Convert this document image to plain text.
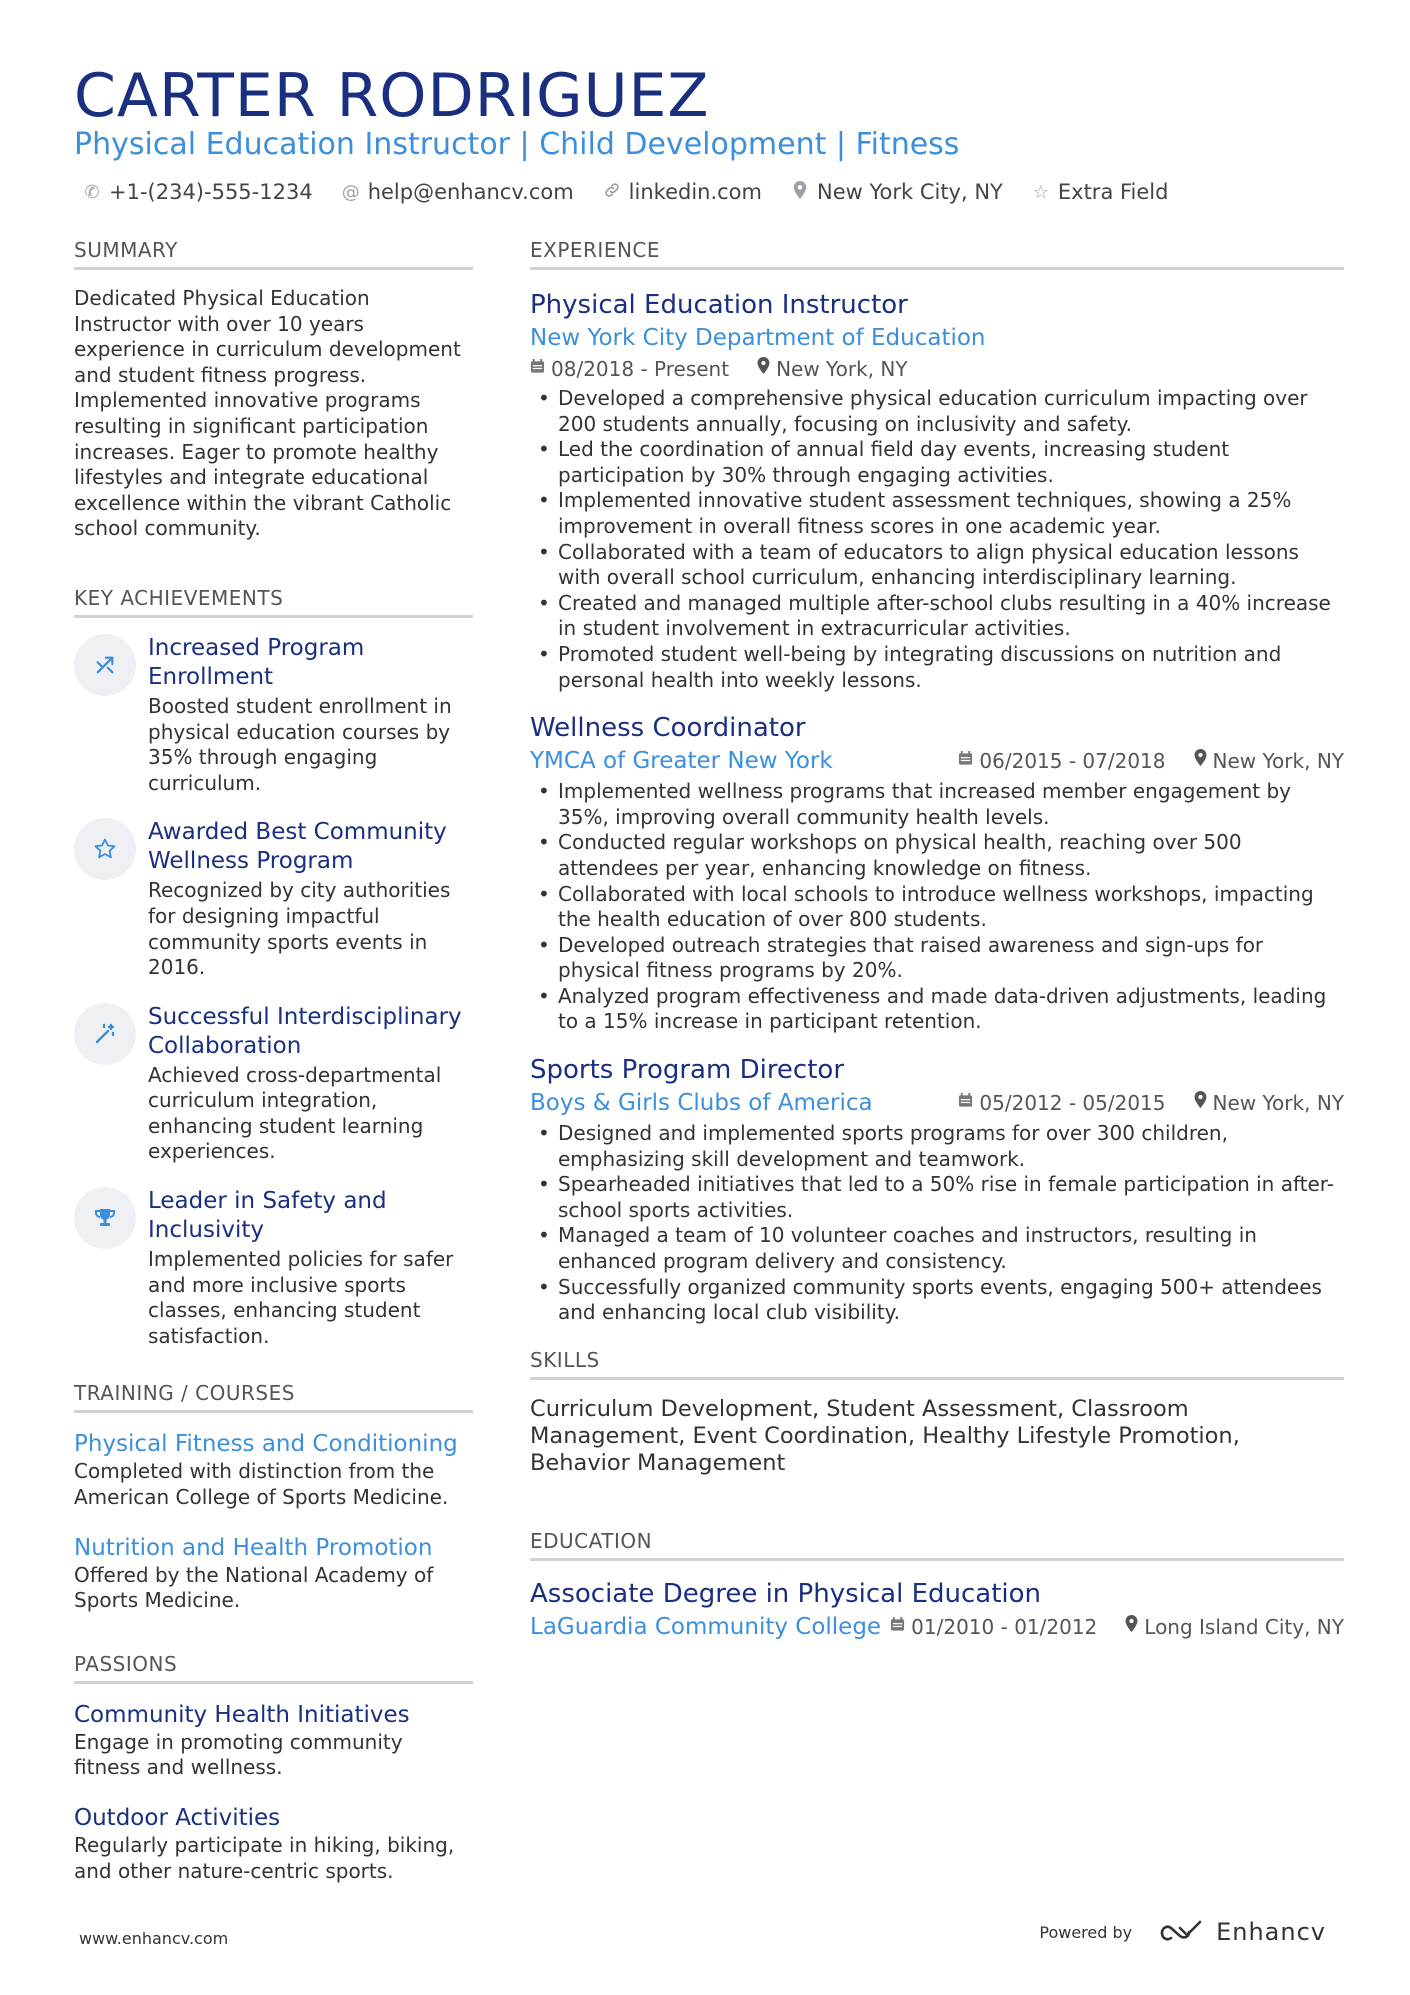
CARTER RODRIGUEZ
Physical Education Instructor | Child Development | Fitness
✆ +1-(234)-555-1234 @ help@enhancv.com	linkedin.com	New York City, NY ☆ Extra Field
SUMMARY
Dedicated Physical Education Instructor with over 10 years experience in curriculum development and student fitness progress. Implemented innovative programs resulting in significant participation increases. Eager to promote healthy lifestyles and integrate educational excellence within the vibrant Catholic school community.
KEY ACHIEVEMENTS
Increased Program Enrollment
Boosted student enrollment in physical education courses by 35% through engaging curriculum.
Awarded Best Community Wellness Program
Recognized by city authorities for designing impactful community sports events in 2016.
Successful Interdisciplinary Collaboration
Achieved cross-departmental curriculum integration, enhancing student learning experiences.
Leader in Safety and Inclusivity
Implemented policies for safer and more inclusive sports classes, enhancing student satisfaction.
TRAINING / COURSES
Physical Fitness and Conditioning
Completed with distinction from the American College of Sports Medicine.
Nutrition and Health Promotion
Offered by the National Academy of Sports Medicine.
PASSIONS
Community Health Initiatives
Engage in promoting community fitness and wellness.
Outdoor Activities
Regularly participate in hiking, biking, and other nature-centric sports.
EXPERIENCE
Physical Education Instructor
New York City Department of Education
08/2018 - Present New York, NY
• Developed a comprehensive physical education curriculum impacting over 200 students annually, focusing on inclusivity and safety.
• Led the coordination of annual field day events, increasing student participation by 30% through engaging activities.
• Implemented innovative student assessment techniques, showing a 25% improvement in overall fitness scores in one academic year.
• Collaborated with a team of educators to align physical education lessons with overall school curriculum, enhancing interdisciplinary learning.
• Created and managed multiple after-school clubs resulting in a 40% increase in student involvement in extracurricular activities.
• Promoted student well-being by integrating discussions on nutrition and personal health into weekly lessons.
Wellness Coordinator
YMCA of Greater New York	06/2015 - 07/2018 New York, NY
• Implemented wellness programs that increased member engagement by 35%, improving overall community health levels.
• Conducted regular workshops on physical health, reaching over 500 attendees per year, enhancing knowledge on fitness.
• Collaborated with local schools to introduce wellness workshops, impacting the health education of over 800 students.
• Developed outreach strategies that raised awareness and sign-ups for physical fitness programs by 20%.
• Analyzed program effectiveness and made data-driven adjustments, leading to a 15% increase in participant retention.
Sports Program Director
Boys & Girls Clubs of America	05/2012 - 05/2015 New York, NY
• Designed and implemented sports programs for over 300 children, emphasizing skill development and teamwork.
• Spearheaded initiatives that led to a 50% rise in female participation in after-school sports activities.
• Managed a team of 10 volunteer coaches and instructors, resulting in enhanced program delivery and consistency.
• Successfully organized community sports events, engaging 500+ attendees and enhancing local club visibility.
SKILLS
Curriculum Development, Student Assessment, Classroom Management, Event Coordination, Healthy Lifestyle Promotion, Behavior Management
EDUCATION
Associate Degree in Physical Education
LaGuardia Community College 01/2010 - 01/2012 Long Island City, NY
www.enhancv.com	Powered by	Enhancv
